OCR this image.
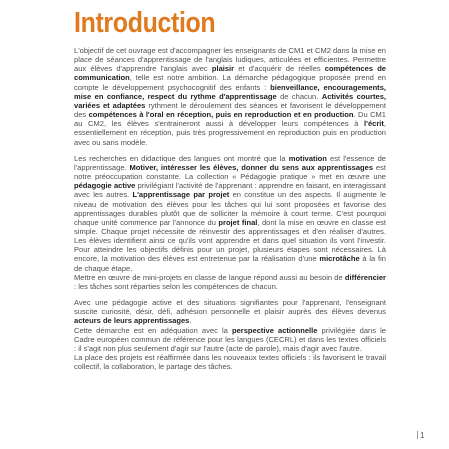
Introduction

L'objectif de cet ouvrage est d'accompagner les enseignants de CM1 et CM2 dans la mise en place de séances d'apprentissage de l'anglais ludiques, articulées et efficientes. Permettre aux élèves d'apprendre l'anglais avec plaisir et d'acquérir de réelles compétences de communication, telle est notre ambition. La démarche pédagogique proposée prend en compte le développement psychocognitif des enfants : bienveillance, encouragements, mise en confiance, respect du rythme d'apprentissage de chacun. Activités courtes, variées et adaptées rythment le déroulement des séances et favorisent le développement des compétences à l'oral en réception, puis en reproduction et en production. Du CM1 au CM2, les élèves s'entraineront aussi à développer leurs compétences à l'écrit, essentiellement en réception, puis très progressivement en reproduction puis en production avec ou sans modèle.

Les recherches en didactique des langues ont montré que la motivation est l'essence de l'apprentissage. Motiver, intéresser les élèves, donner du sens aux apprentissages est notre préoccupation constante. La collection « Pédagogie pratique » met en œuvre une pédagogie active privilégiant l'activité de l'apprenant : apprendre en faisant, en interagissant avec les autres. L'apprentissage par projet en constitue un des aspects. Il augmente le niveau de motivation des élèves pour les tâches qui lui sont proposées et favorise des apprentissages durables plutôt que de solliciter la mémoire à court terme. C'est pourquoi chaque unité commence par l'annonce du projet final, dont la mise en œuvre en classe est simple. Chaque projet nécessite de réinvestir des apprentissages et d'en réaliser d'autres. Les élèves identifient ainsi ce qu'ils vont apprendre et dans quel situation ils vont l'investir. Pour atteindre les objectifs définis pour un projet, plusieurs étapes sont nécessaires. Là encore, la motivation des élèves est entretenue par la réalisation d'une microtâche à la fin de chaque étape.

Mettre en œuvre de mini-projets en classe de langue répond aussi au besoin de différencier : les tâches sont réparties selon les compétences de chacun.

Avec une pédagogie active et des situations signifiantes pour l'apprenant, l'enseignant suscite curiosité, désir, défi, adhésion personnelle et plaisir auprès des élèves devenus acteurs de leurs apprentissages.

Cette démarche est en adéquation avec la perspective actionnelle privilégiée dans le Cadre européen commun de référence pour les langues (CECRL) et dans les textes officiels : il s'agit non plus seulement d'agir sur l'autre (acte de parole), mais d'agir avec l'autre.

La place des projets est réaffirmée dans les nouveaux textes officiels : ils favorisent le travail collectif, la collaboration, le partage des tâches.

1
